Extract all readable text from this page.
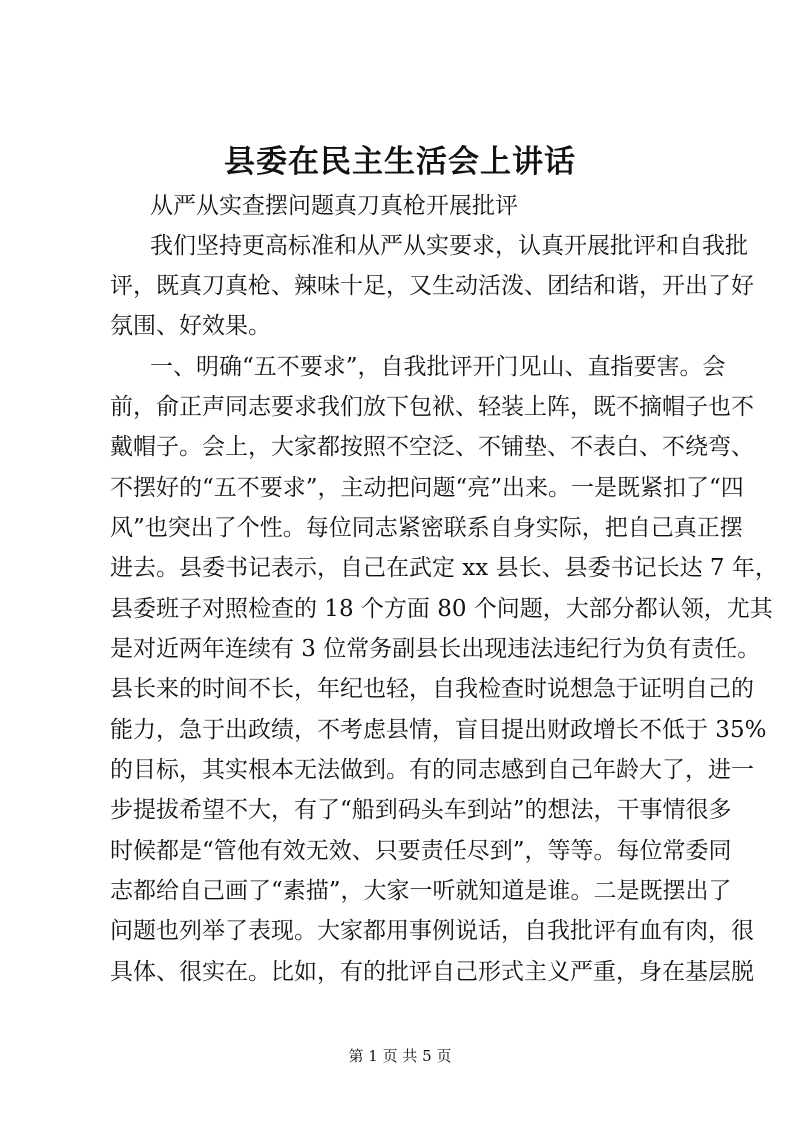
县委在民主生活会上讲话

从严从实查摆问题真刀真枪开展批评

我们坚持更高标准和从严从实要求，认真开展批评和自我批

评，既真刀真枪、辣味十足，又生动活泼、团结和谐，开出了好

氛围、好效果。

一、明确“五不要求”，自我批评开门见山、直指要害。会

前，俞正声同志要求我们放下包袱、轻装上阵，既不摘帽子也不

戴帽子。会上，大家都按照不空泛、不铺垫、不表白、不绕弯、

不摆好的“五不要求”，主动把问题“亮”出来。一是既紧扣了“四

风”也突出了个性。每位同志紧密联系自身实际，把自己真正摆

进去。县委书记表示，自己在武定 xx 县长、县委书记长达 7 年，

县委班子对照检查的 18 个方面 80 个问题，大部分都认领，尤其

是对近两年连续有 3 位常务副县长出现违法违纪行为负有责任。

县长来的时间不长，年纪也轻，自我检查时说想急于证明自己的

能力，急于出政绩，不考虑县情，盲目提出财政增长不低于 35%

的目标，其实根本无法做到。有的同志感到自己年龄大了，进一

步提拔希望不大，有了“船到码头车到站”的想法，干事情很多

时候都是“管他有效无效、只要责任尽到”，等等。每位常委同

志都给自己画了“素描”，大家一听就知道是谁。二是既摆出了

问题也列举了表现。大家都用事例说话，自我批评有血有肉，很

具体、很实在。比如，有的批评自己形式主义严重，身在基层脱

第 1 页 共 5 页
